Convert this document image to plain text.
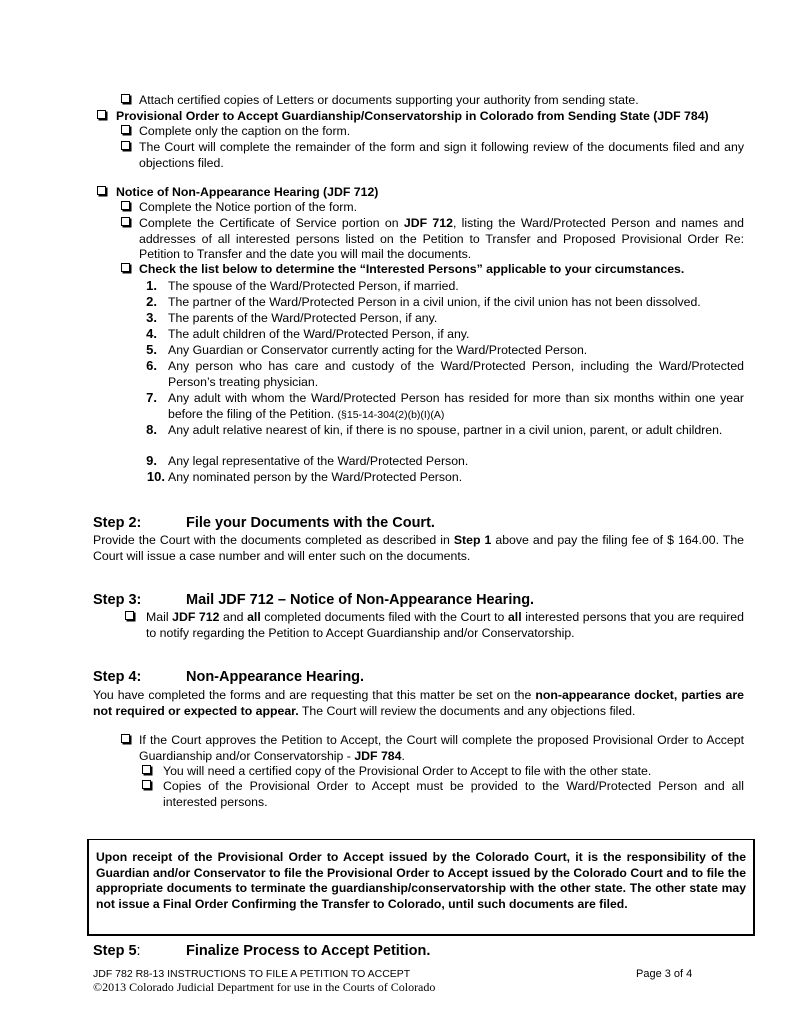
Attach certified copies of Letters or documents supporting your authority from sending state.
Provisional Order to Accept Guardianship/Conservatorship in Colorado from Sending State (JDF 784)
Complete only the caption on the form.
The Court will complete the remainder of the form and sign it following review of the documents filed and any objections filed.
Notice of Non-Appearance Hearing (JDF 712)
Complete the Notice portion of the form.
Complete the Certificate of Service portion on JDF 712, listing the Ward/Protected Person and names and addresses of all interested persons listed on the Petition to Transfer and Proposed Provisional Order Re: Petition to Transfer and the date you will mail the documents.
Check the list below to determine the “Interested Persons” applicable to your circumstances.
1. The spouse of the Ward/Protected Person, if married.
2. The partner of the Ward/Protected Person in a civil union, if the civil union has not been dissolved.
3. The parents of the Ward/Protected Person, if any.
4. The adult children of the Ward/Protected Person, if any.
5. Any Guardian or Conservator currently acting for the Ward/Protected Person.
6. Any person who has care and custody of the Ward/Protected Person, including the Ward/Protected Person’s treating physician.
7. Any adult with whom the Ward/Protected Person has resided for more than six months within one year before the filing of the Petition. (§15-14-304(2)(b)(I)(A)
8. Any adult relative nearest of kin, if there is no spouse, partner in a civil union, parent, or adult children.
9. Any legal representative of the Ward/Protected Person.
10. Any nominated person by the Ward/Protected Person.
Step 2:	File your Documents with the Court.
Provide the Court with the documents completed as described in Step 1 above and pay the filing fee of $ 164.00. The Court will issue a case number and will enter such on the documents.
Step 3:	Mail JDF 712 – Notice of Non-Appearance Hearing.
Mail JDF 712 and all completed documents filed with the Court to all interested persons that you are required to notify regarding the Petition to Accept Guardianship and/or Conservatorship.
Step 4:	Non-Appearance Hearing.
You have completed the forms and are requesting that this matter be set on the non-appearance docket, parties are not required or expected to appear. The Court will review the documents and any objections filed.
If the Court approves the Petition to Accept, the Court will complete the proposed Provisional Order to Accept Guardianship and/or Conservatorship - JDF 784.
You will need a certified copy of the Provisional Order to Accept to file with the other state.
Copies of the Provisional Order to Accept must be provided to the Ward/Protected Person and all interested persons.
Upon receipt of the Provisional Order to Accept issued by the Colorado Court, it is the responsibility of the Guardian and/or Conservator to file the Provisional Order to Accept issued by the Colorado Court and to file the appropriate documents to terminate the guardianship/conservatorship with the other state. The other state may not issue a Final Order Confirming the Transfer to Colorado, until such documents are filed.
Step 5:	Finalize Process to Accept Petition.
JDF 782 R8-13 INSTRUCTIONS TO FILE A PETITION TO ACCEPT	Page 3 of 4
©2013 Colorado Judicial Department for use in the Courts of Colorado
